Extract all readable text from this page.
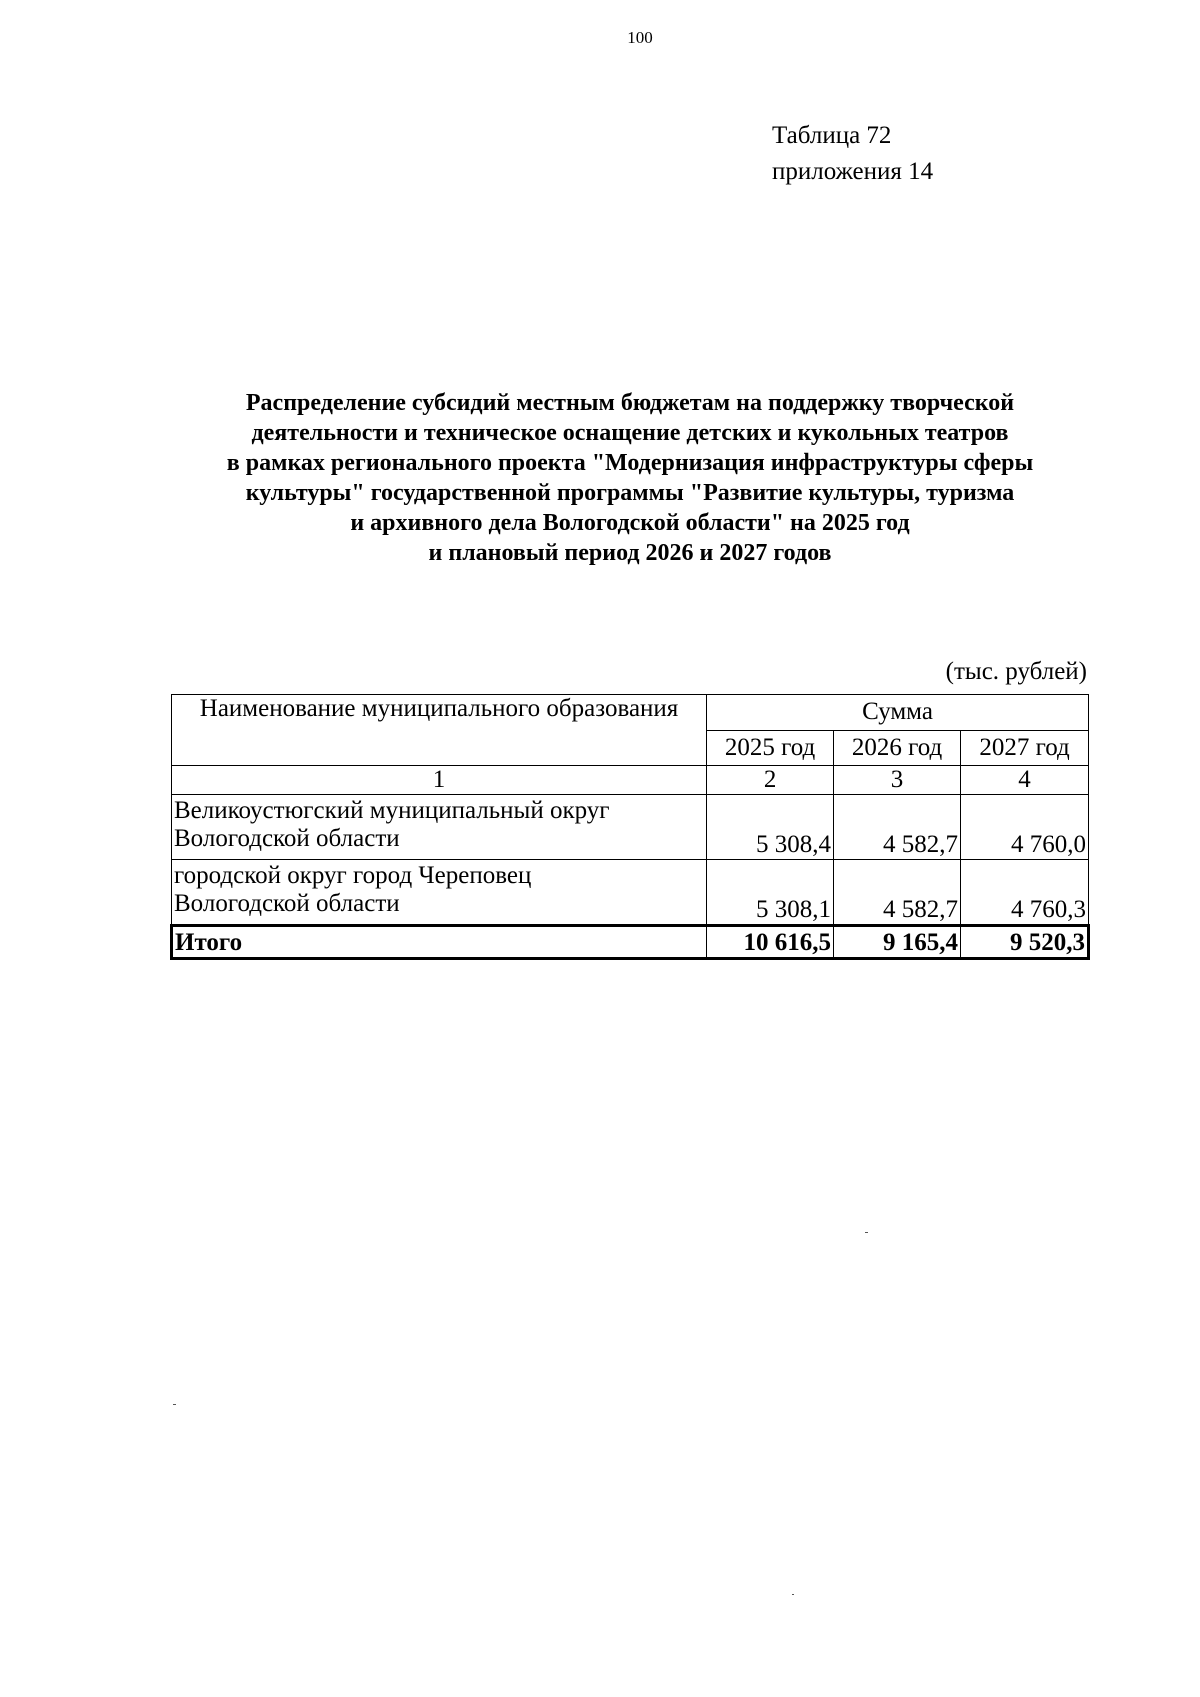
100
Таблица 72
приложения 14
Распределение субсидий местным бюджетам на поддержку творческой
деятельности и техническое оснащение детских и кукольных театров
в рамках регионального проекта "Модернизация инфраструктуры сферы
культуры" государственной программы "Развитие культуры, туризма
и архивного дела Вологодской области" на 2025 год
и плановый период 2026 и 2027 годов
(тыс. рублей)
Наименование муниципального образования	Сумма		
	2025 год	2026 год	2027 год
1	2	3	4

Великоустюгский муниципальный округ
Вологодской области	5 308,4	4 582,7	4 760,0

городской округ город Череповец
Вологодской области	5 308,1	4 582,7	4 760,3
Итого	10 616,5	9 165,4	9 520,3
